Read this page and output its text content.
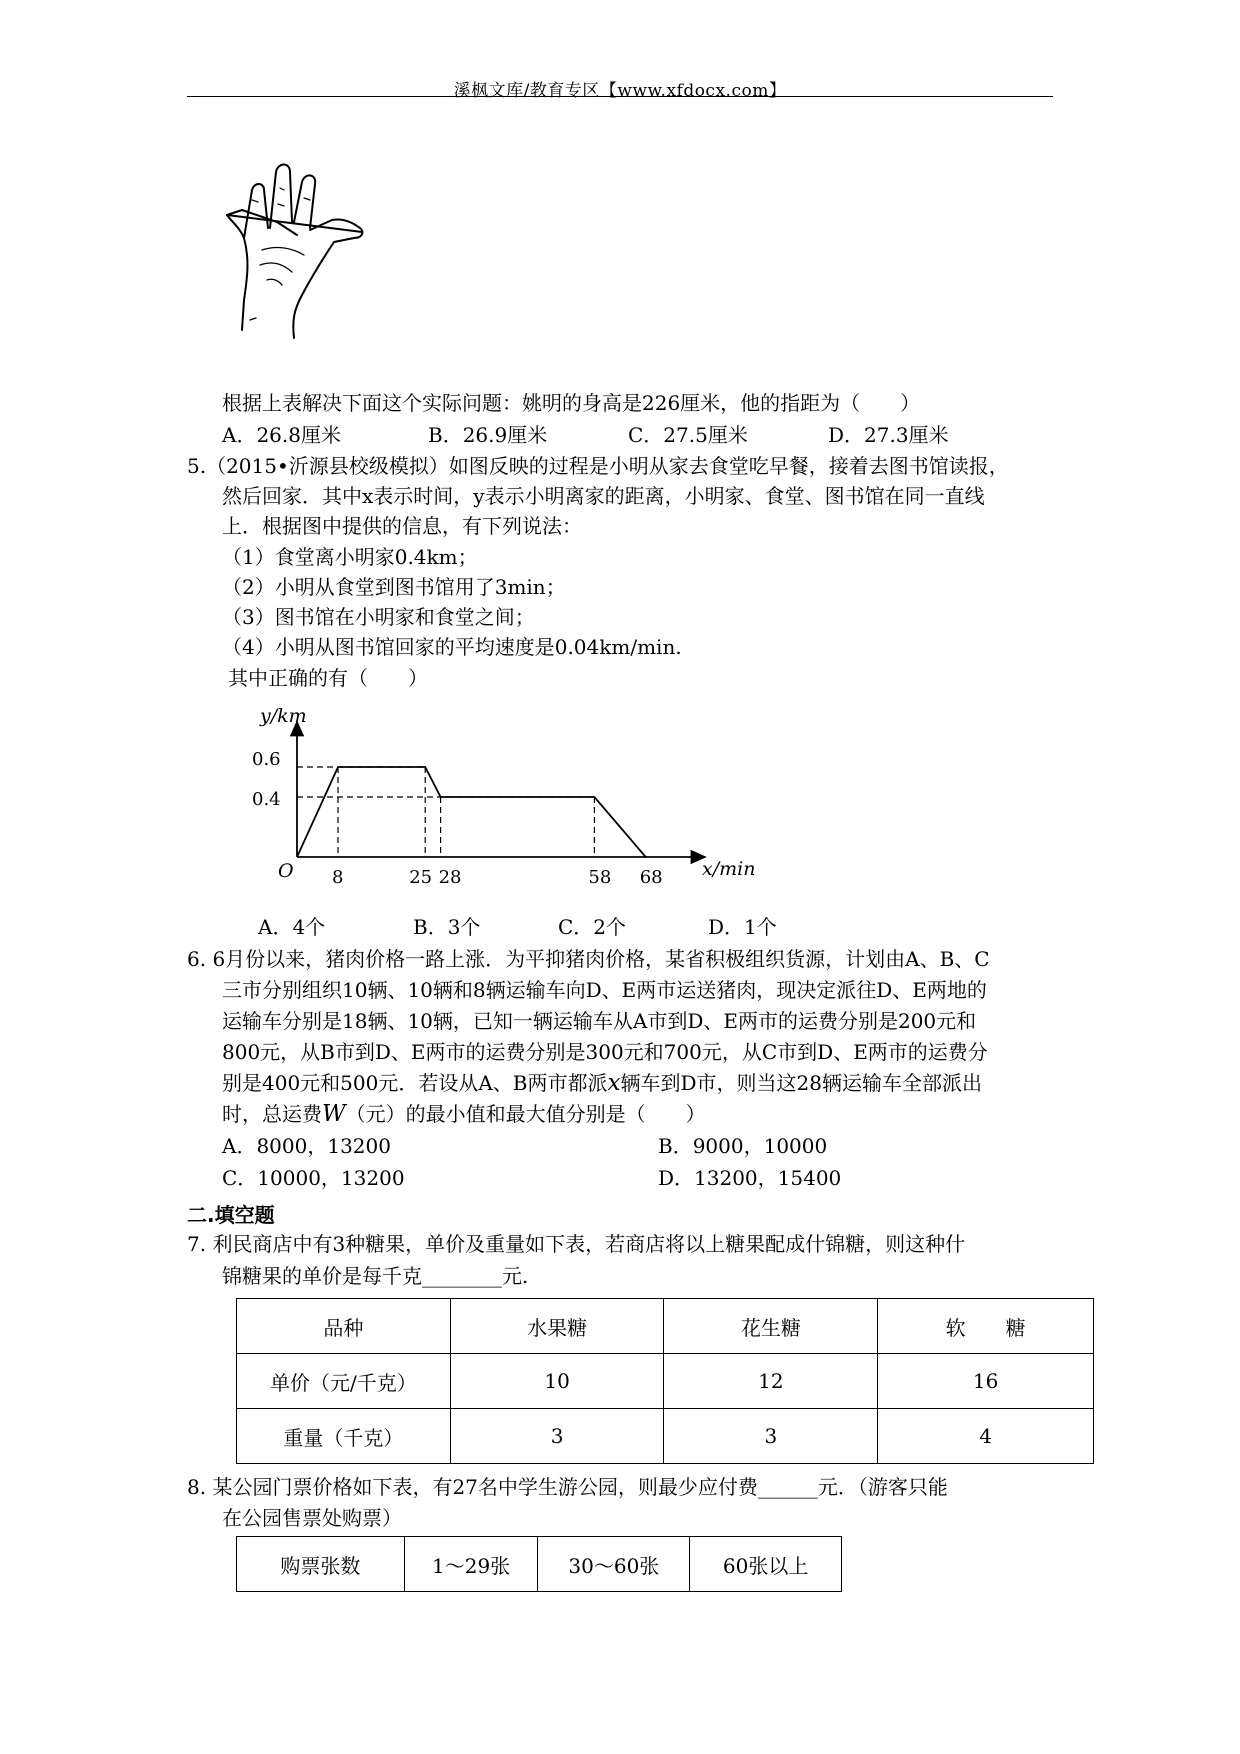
溪枫文库/教育专区【www.xfdocx.com】
根据上表解决下面这个实际问题：姚明的身高是226厘米，他的指距为（　　）
A．26.8厘米	B．26.9厘米	C．27.5厘米	D．27.3厘米
5.（2015•沂源县校级模拟）如图反映的过程是小明从家去食堂吃早餐，接着去图书馆读报，
然后回家．其中x表示时间，y表示小明离家的距离，小明家、食堂、图书馆在同一直线
上．根据图中提供的信息，有下列说法：
（1）食堂离小明家0.4km；
（2）小明从食堂到图书馆用了3min；
（3）图书馆在小明家和食堂之间；
（4）小明从图书馆回家的平均速度是0.04km/min.
其中正确的有（　　）
0.6
0.4
8	25 28	58 68
y/km
x/min
O
A．4个	B．3个	C．2个	D．1个
6. 6月份以来，猪肉价格一路上涨．为平抑猪肉价格，某省积极组织货源，计划由A、B、C
三市分别组织10辆、10辆和8辆运输车向D、E两市运送猪肉，现决定派往D、E两地的
运输车分别是18辆、10辆，已知一辆运输车从A市到D、E两市的运费分别是200元和
800元，从B市到D、E两市的运费分别是300元和700元，从C市到D、E两市的运费分
别是400元和500元．若设从A、B两市都派x辆车到D市，则当这28辆运输车全部派出
时，总运费W（元）的最小值和最大值分别是（　　）
A．8000，13200	B．9000，10000
C．10000，13200	D．13200，15400
二.填空题
7. 利民商店中有3种糖果，单价及重量如下表，若商店将以上糖果配成什锦糖，则这种什
锦糖果的单价是每千克________元.
品种	水果糖	花生糖	软　　糖
单价（元/千克）	10	12	16
重量（千克）	3	3	4
8. 某公园门票价格如下表，有27名中学生游公园，则最少应付费______元．（游客只能
在公园售票处购票）
购票张数	1～29张	30～60张	60张以上
